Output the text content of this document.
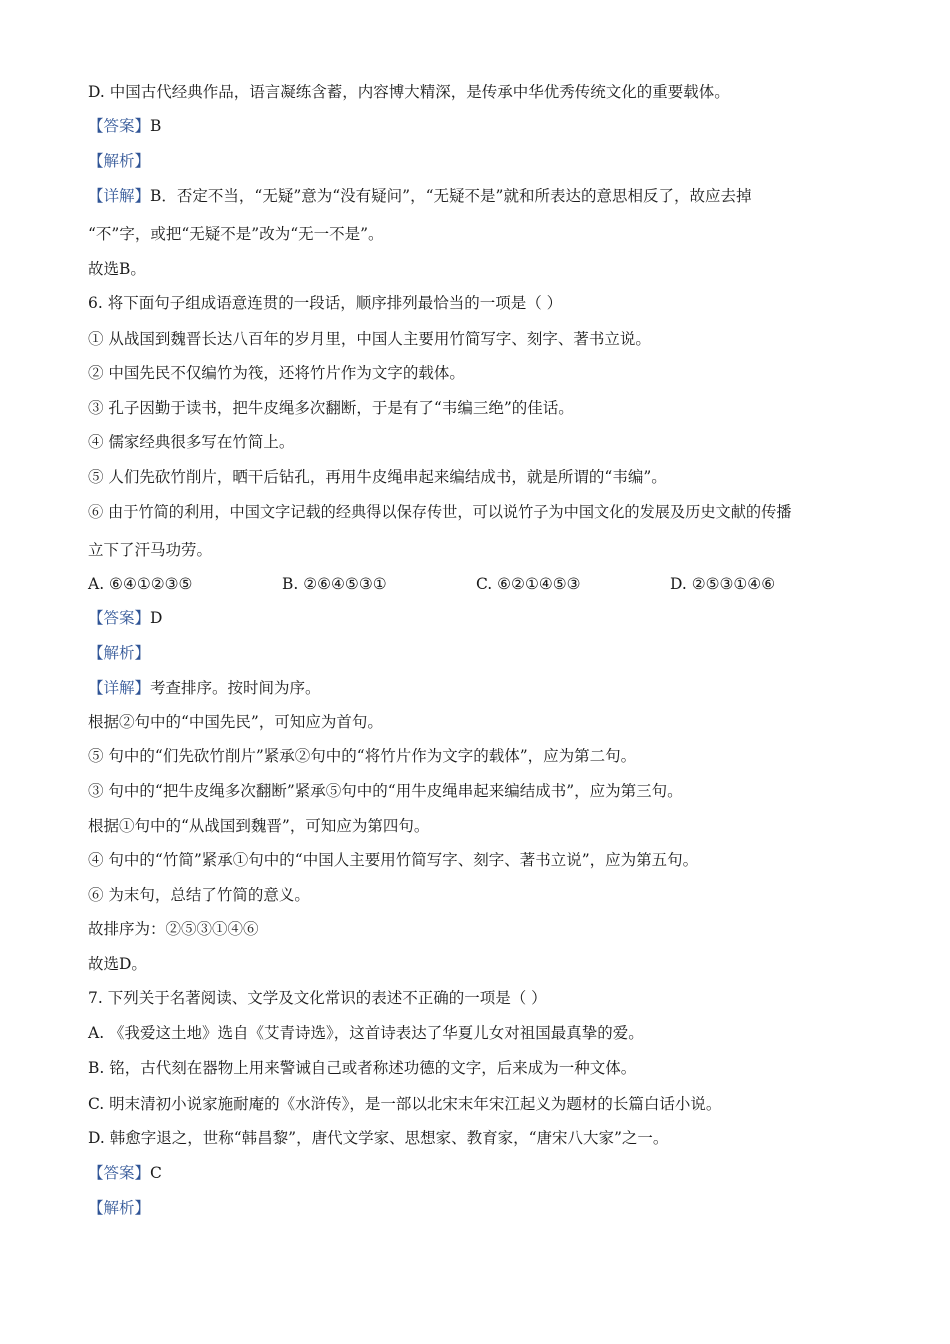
D. 中国古代经典作品，语言凝练含蓄，内容博大精深，是传承中华优秀传统文化的重要载体。
【答案】B
【解析】
【详解】B．否定不当，“无疑”意为“没有疑问”，“无疑不是”就和所表达的意思相反了，故应去掉
“不”字，或把“无疑不是”改为“无一不是”。
故选B。
6. 将下面句子组成语意连贯的一段话，顺序排列最恰当的一项是（ ）
① 从战国到魏晋长达八百年的岁月里，中国人主要用竹简写字、刻字、著书立说。
② 中国先民不仅编竹为筏，还将竹片作为文字的载体。
③ 孔子因勤于读书，把牛皮绳多次翻断，于是有了“韦编三绝”的佳话。
④ 儒家经典很多写在竹简上。
⑤ 人们先砍竹削片，晒干后钻孔，再用牛皮绳串起来编结成书，就是所谓的“韦编”。
⑥ 由于竹简的利用，中国文字记载的经典得以保存传世，可以说竹子为中国文化的发展及历史文献的传播
立下了汗马功劳。
A. ⑥④①②③⑤	B. ②⑥④⑤③①	C. ⑥②①④⑤③	D. ②⑤③①④⑥
【答案】D
【解析】
【详解】考查排序。按时间为序。
根据②句中的“中国先民”，可知应为首句。
⑤ 句中的“们先砍竹削片”紧承②句中的“将竹片作为文字的载体”，应为第二句。
③ 句中的“把牛皮绳多次翻断”紧承⑤句中的“用牛皮绳串起来编结成书”，应为第三句。
根据①句中的“从战国到魏晋”，可知应为第四句。
④ 句中的“竹简”紧承①句中的“中国人主要用竹简写字、刻字、著书立说”，应为第五句。
⑥ 为末句，总结了竹简的意义。
故排序为：②⑤③①④⑥
故选D。
7. 下列关于名著阅读、文学及文化常识的表述不正确的一项是（ ）
A. 《我爱这土地》选自《艾青诗选》，这首诗表达了华夏儿女对祖国最真挚的爱。
B. 铭，古代刻在器物上用来警诫自己或者称述功德的文字，后来成为一种文体。
C. 明末清初小说家施耐庵的《水浒传》，是一部以北宋末年宋江起义为题材的长篇白话小说。
D. 韩愈字退之，世称“韩昌黎”，唐代文学家、思想家、教育家，“唐宋八大家”之一。
【答案】C
【解析】
